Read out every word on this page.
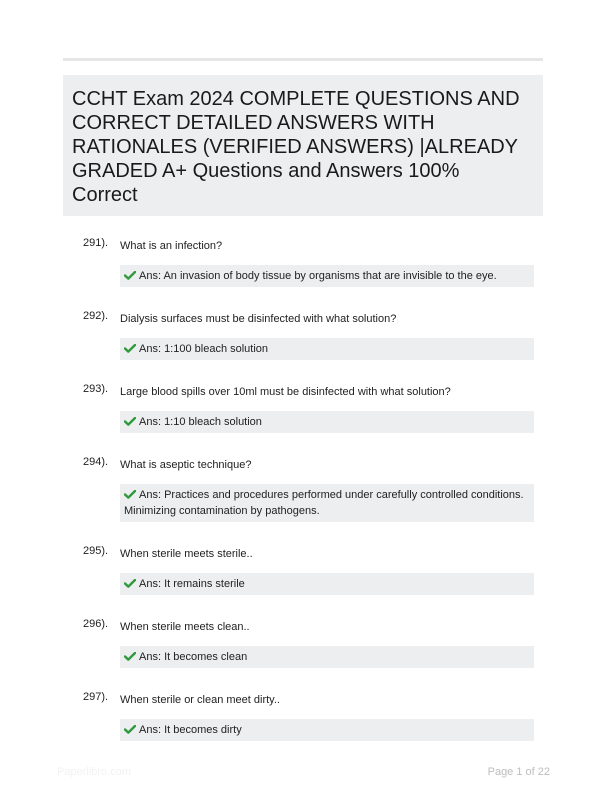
CCHT Exam 2024 COMPLETE QUESTIONS AND
CORRECT DETAILED ANSWERS WITH
RATIONALES (VERIFIED ANSWERS) |ALREADY
GRADED A+ Questions and Answers 100%
Correct
291). What is an infection?
Ans: An invasion of body tissue by organisms that are invisible to the eye.
292). Dialysis surfaces must be disinfected with what solution?
Ans: 1:100 bleach solution
293). Large blood spills over 10ml must be disinfected with what solution?
Ans: 1:10 bleach solution
294). What is aseptic technique?
Ans: Practices and procedures performed under carefully controlled conditions. Minimizing contamination by pathogens.
295). When sterile meets sterile..
Ans: It remains sterile
296). When sterile meets clean..
Ans: It becomes clean
297). When sterile or clean meet dirty..
Ans: It becomes dirty
Paperlibro.com	Page 1 of 22
